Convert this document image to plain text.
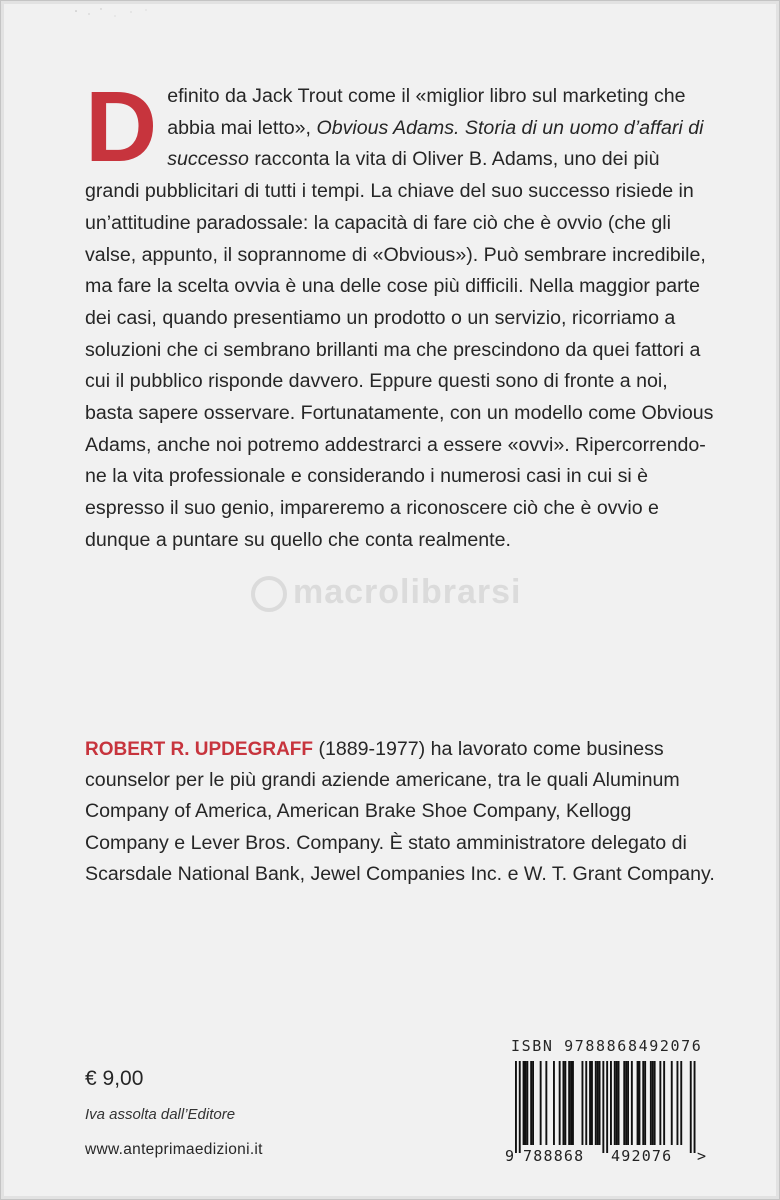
Definito da Jack Trout come il «miglior libro sul marketing che abbia mai letto», Obvious Adams. Storia di un uomo d’affari di successo racconta la vita di Oliver B. Adams, uno dei più grandi pubblicitari di tutti i tempi. La chiave del suo successo risiede in un’attitudine paradossale: la capacità di fare ciò che è ovvio (che gli valse, appunto, il soprannome di «Obvious»). Può sembrare incredibile, ma fare la scelta ovvia è una delle cose più difficili. Nella maggior parte dei casi, quando presentiamo un prodotto o un servizio, ricorriamo a soluzioni che ci sembrano brillanti ma che prescindono da quei fattori a cui il pubblico risponde davvero. Eppure questi sono di fronte a noi, basta sapere osservare. Fortunatamente, con un modello come Obvious Adams, anche noi potremo addestrarci a essere «ovvi». Ripercorrendone la vita professionale e considerando i numerosi casi in cui si è espresso il suo genio, impareremo a riconoscere ciò che è ovvio e dunque a puntare su quello che conta realmente.

macrolibrarsi

ROBERT R. UPDEGRAFF (1889-1977) ha lavorato come business counselor per le più grandi aziende americane, tra le quali Aluminum Company of America, American Brake Shoe Company, Kellogg Company e Lever Bros. Company. È stato amministratore delegato di Scarsdale National Bank, Jewel Companies Inc. e W. T. Grant Company.

€ 9,00
Iva assolta dall’Editore
www.anteprimaedizioni.it
ISBN 9788868492076
9 788868 492076 >
